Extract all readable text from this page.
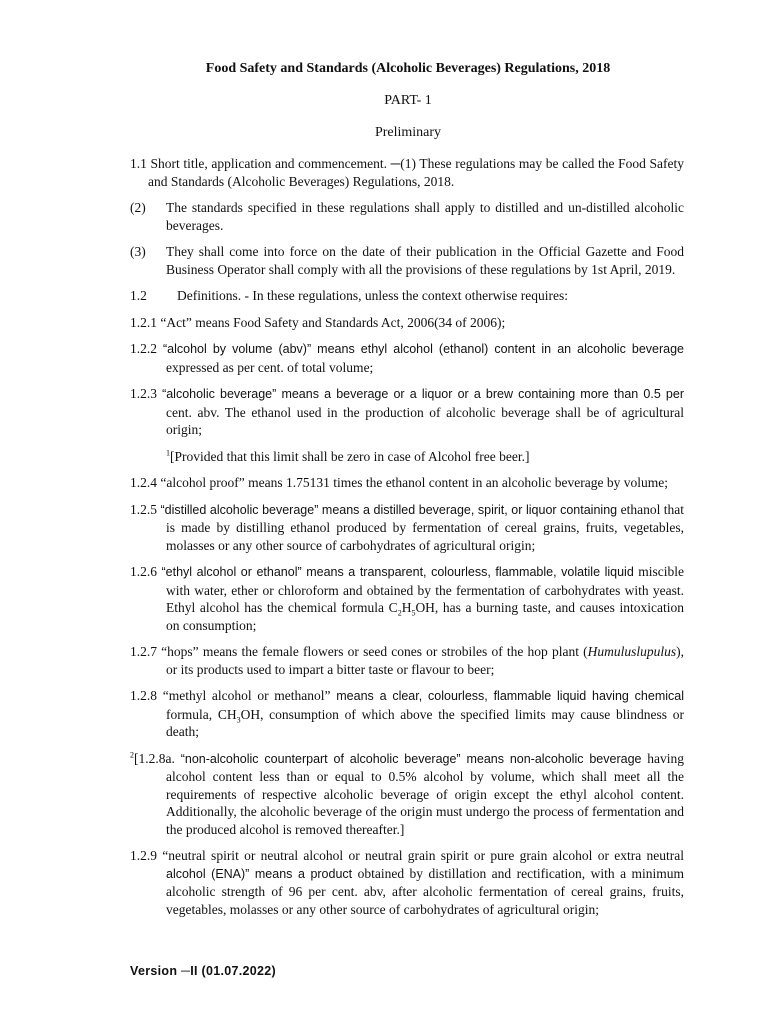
Food Safety and Standards (Alcoholic Beverages) Regulations, 2018
PART- 1
Preliminary

1.1 Short title, application and commencement. ─(1) These regulations may be called the Food Safety and Standards (Alcoholic Beverages) Regulations, 2018.

(2)	The standards specified in these regulations shall apply to distilled and un-distilled alcoholic beverages.
(3)	They shall come into force on the date of their publication in the Official Gazette and Food Business Operator shall comply with all the provisions of these regulations by 1st April, 2019.
1.2	Definitions. - In these regulations, unless the context otherwise requires:

1.2.1 “Act” means Food Safety and Standards Act, 2006(34 of 2006);

1.2.2 “alcohol by volume (abv)” means ethyl alcohol (ethanol) content in an alcoholic beverage expressed as per cent. of total volume;

1.2.3 “alcoholic beverage” means a beverage or a liquor or a brew containing more than 0.5 per cent. abv. The ethanol used in the production of alcoholic beverage shall be of agricultural origin;

$^1$[Provided that this limit shall be zero in case of Alcohol free beer.]

1.2.4 “alcohol proof” means 1.75131 times the ethanol content in an alcoholic beverage by volume;

1.2.5 “distilled alcoholic beverage” means a distilled beverage, spirit, or liquor containing ethanol that is made by distilling ethanol produced by fermentation of cereal grains, fruits, vegetables, molasses or any other source of carbohydrates of agricultural origin;

1.2.6 “ethyl alcohol or ethanol” means a transparent, colourless, flammable, volatile liquid miscible with water, ether or chloroform and obtained by the fermentation of carbohydrates with yeast. Ethyl alcohol has the chemical formula $C_2H_5OH$, has a burning taste, and causes intoxication on consumption;

1.2.7 “hops” means the female flowers or seed cones or strobiles of the hop plant (Humuluslupulus), or its products used to impart a bitter taste or flavour to beer;

1.2.8 “methyl alcohol or methanol” means a clear, colourless, flammable liquid having chemical formula, $CH_3OH$, consumption of which above the specified limits may cause blindness or death;

$^2$[1.2.8a. “non-alcoholic counterpart of alcoholic beverage” means non-alcoholic beverage having alcohol content less than or equal to 0.5% alcohol by volume, which shall meet all the requirements of respective alcoholic beverage of origin except the ethyl alcohol content. Additionally, the alcoholic beverage of the origin must undergo the process of fermentation and the produced alcohol is removed thereafter.]

1.2.9 “neutral spirit or neutral alcohol or neutral grain spirit or pure grain alcohol or extra neutral alcohol (ENA)” means a product obtained by distillation and rectification, with a minimum alcoholic strength of 96 per cent. abv, after alcoholic fermentation of cereal grains, fruits, vegetables, molasses or any other source of carbohydrates of agricultural origin;

Version ─II (01.07.2022)
